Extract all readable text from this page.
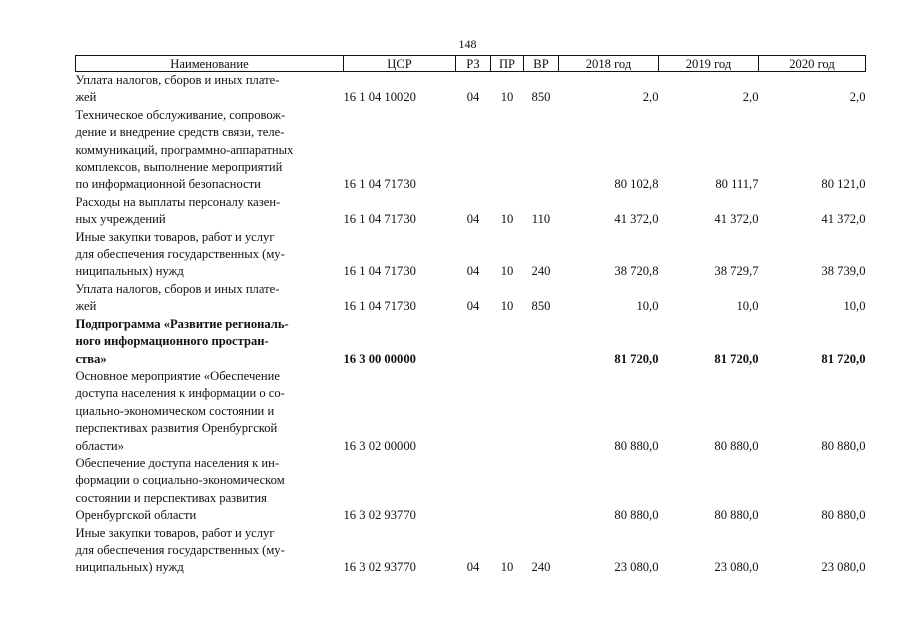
148
Наименование	ЦСР	РЗ	ПР	ВР	2018 год	2019 год	2020 год

Уплата налогов, сборов и иных плате-
жей	16 1 04 10020	04	10	850	2,0	2,0	2,0

Техническое обслуживание, сопровож-
дение и внедрение средств связи, теле-
коммуникаций, программно-аппаратных
комплексов, выполнение мероприятий
по информационной безопасности	16 1 04 71730				80 102,8	80 111,7	80 121,0

Расходы на выплаты персоналу казен-
ных учреждений	16 1 04 71730	04	10	110	41 372,0	41 372,0	41 372,0

Иные закупки товаров, работ и услуг
для обеспечения государственных (му-
ниципальных) нужд	16 1 04 71730	04	10	240	38 720,8	38 729,7	38 739,0

Уплата налогов, сборов и иных плате-
жей	16 1 04 71730	04	10	850	10,0	10,0	10,0

Подпрограмма «Развитие региональ-
ного информационного простран-
ства»	16 3 00 00000				81 720,0	81 720,0	81 720,0

Основное мероприятие «Обеспечение
доступа населения к информации о со-
циально-экономическом состоянии и
перспективах развития Оренбургской
области»	16 3 02 00000				80 880,0	80 880,0	80 880,0

Обеспечение доступа населения к ин-
формации о социально-экономическом
состоянии и перспективах развития
Оренбургской области	16 3 02 93770				80 880,0	80 880,0	80 880,0

Иные закупки товаров, работ и услуг
для обеспечения государственных (му-
ниципальных) нужд	16 3 02 93770	04	10	240	23 080,0	23 080,0	23 080,0
